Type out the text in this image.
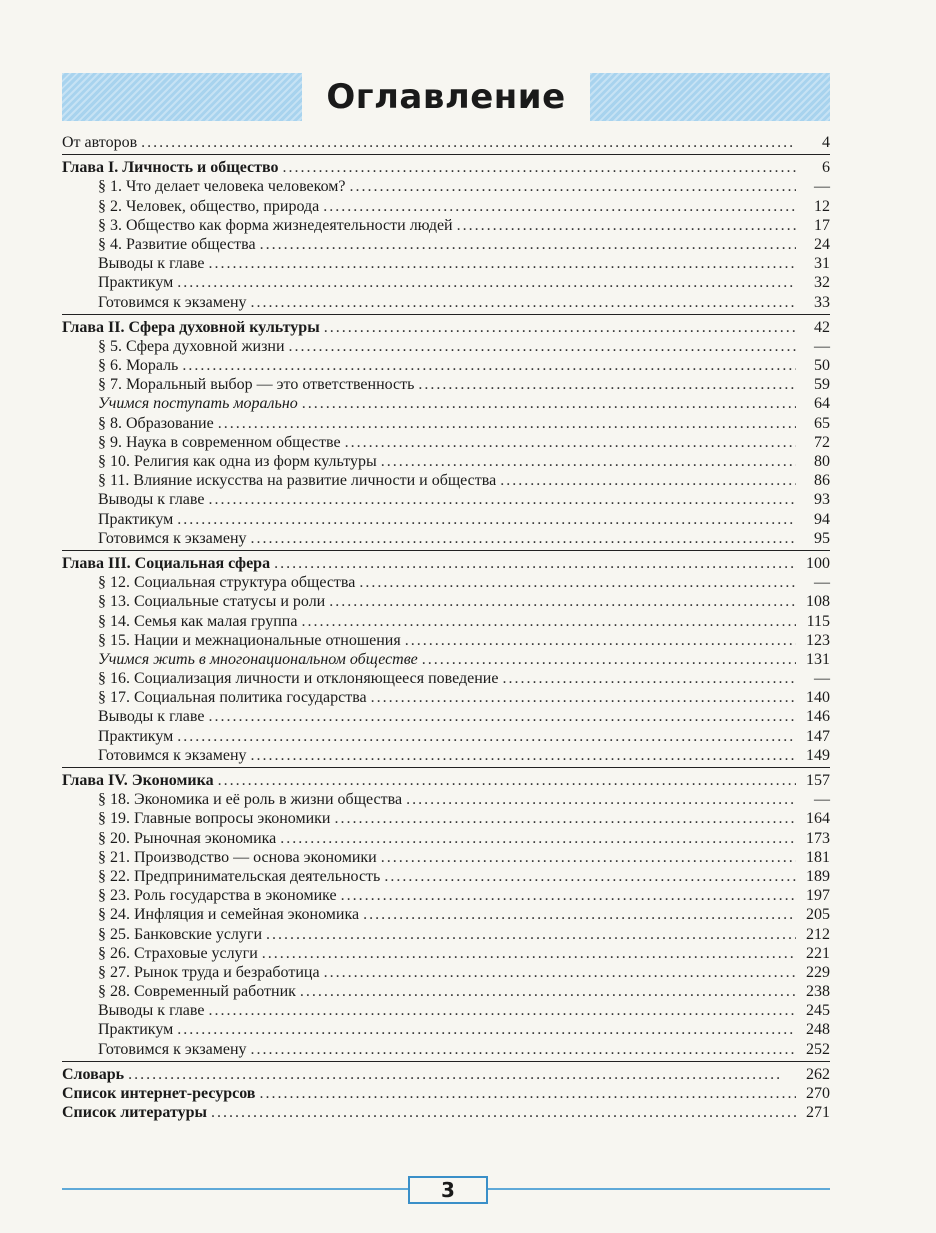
Оглавление
От авторов . . .	4
Глава I. Личность и общество . . .	6
§ 1. Что делает человека человеком? . . .	—
§ 2. Человек, общество, природа . . .	12
§ 3. Общество как форма жизнедеятельности людей . . .	17
§ 4. Развитие общества . . .	24
Выводы к главе . . .	31
Практикум . . .	32
Готовимся к экзамену . . .	33
Глава II. Сфера духовной культуры . . .	42
§ 5. Сфера духовной жизни . . .	—
§ 6. Мораль . . .	50
§ 7. Моральный выбор — это ответственность . . .	59
Учимся поступать морально . . .	64
§ 8. Образование . . .	65
§ 9. Наука в современном обществе . . .	72
§ 10. Религия как одна из форм культуры . . .	80
§ 11. Влияние искусства на развитие личности и общества . . .	86
Выводы к главе . . .	93
Практикум . . .	94
Готовимся к экзамену . . .	95
Глава III. Социальная сфера . . .	100
§ 12. Социальная структура общества . . .	—
§ 13. Социальные статусы и роли . . .	108
§ 14. Семья как малая группа . . .	115
§ 15. Нации и межнациональные отношения . . .	123
Учимся жить в многонациональном обществе . . .	131
§ 16. Социализация личности и отклоняющееся поведение . . .	—
§ 17. Социальная политика государства . . .	140
Выводы к главе . . .	146
Практикум . . .	147
Готовимся к экзамену . . .	149
Глава IV. Экономика . . .	157
§ 18. Экономика и её роль в жизни общества . . .	—
§ 19. Главные вопросы экономики . . .	164
§ 20. Рыночная экономика . . .	173
§ 21. Производство — основа экономики . . .	181
§ 22. Предпринимательская деятельность . . .	189
§ 23. Роль государства в экономике . . .	197
§ 24. Инфляция и семейная экономика . . .	205
§ 25. Банковские услуги . . .	212
§ 26. Страховые услуги . . .	221
§ 27. Рынок труда и безработица . . .	229
§ 28. Современный работник . . .	238
Выводы к главе . . .	245
Практикум . . .	248
Готовимся к экзамену . . .	252
Словарь . . .	262
Список интернет-ресурсов . . .	270
Список литературы . . .	271
3
